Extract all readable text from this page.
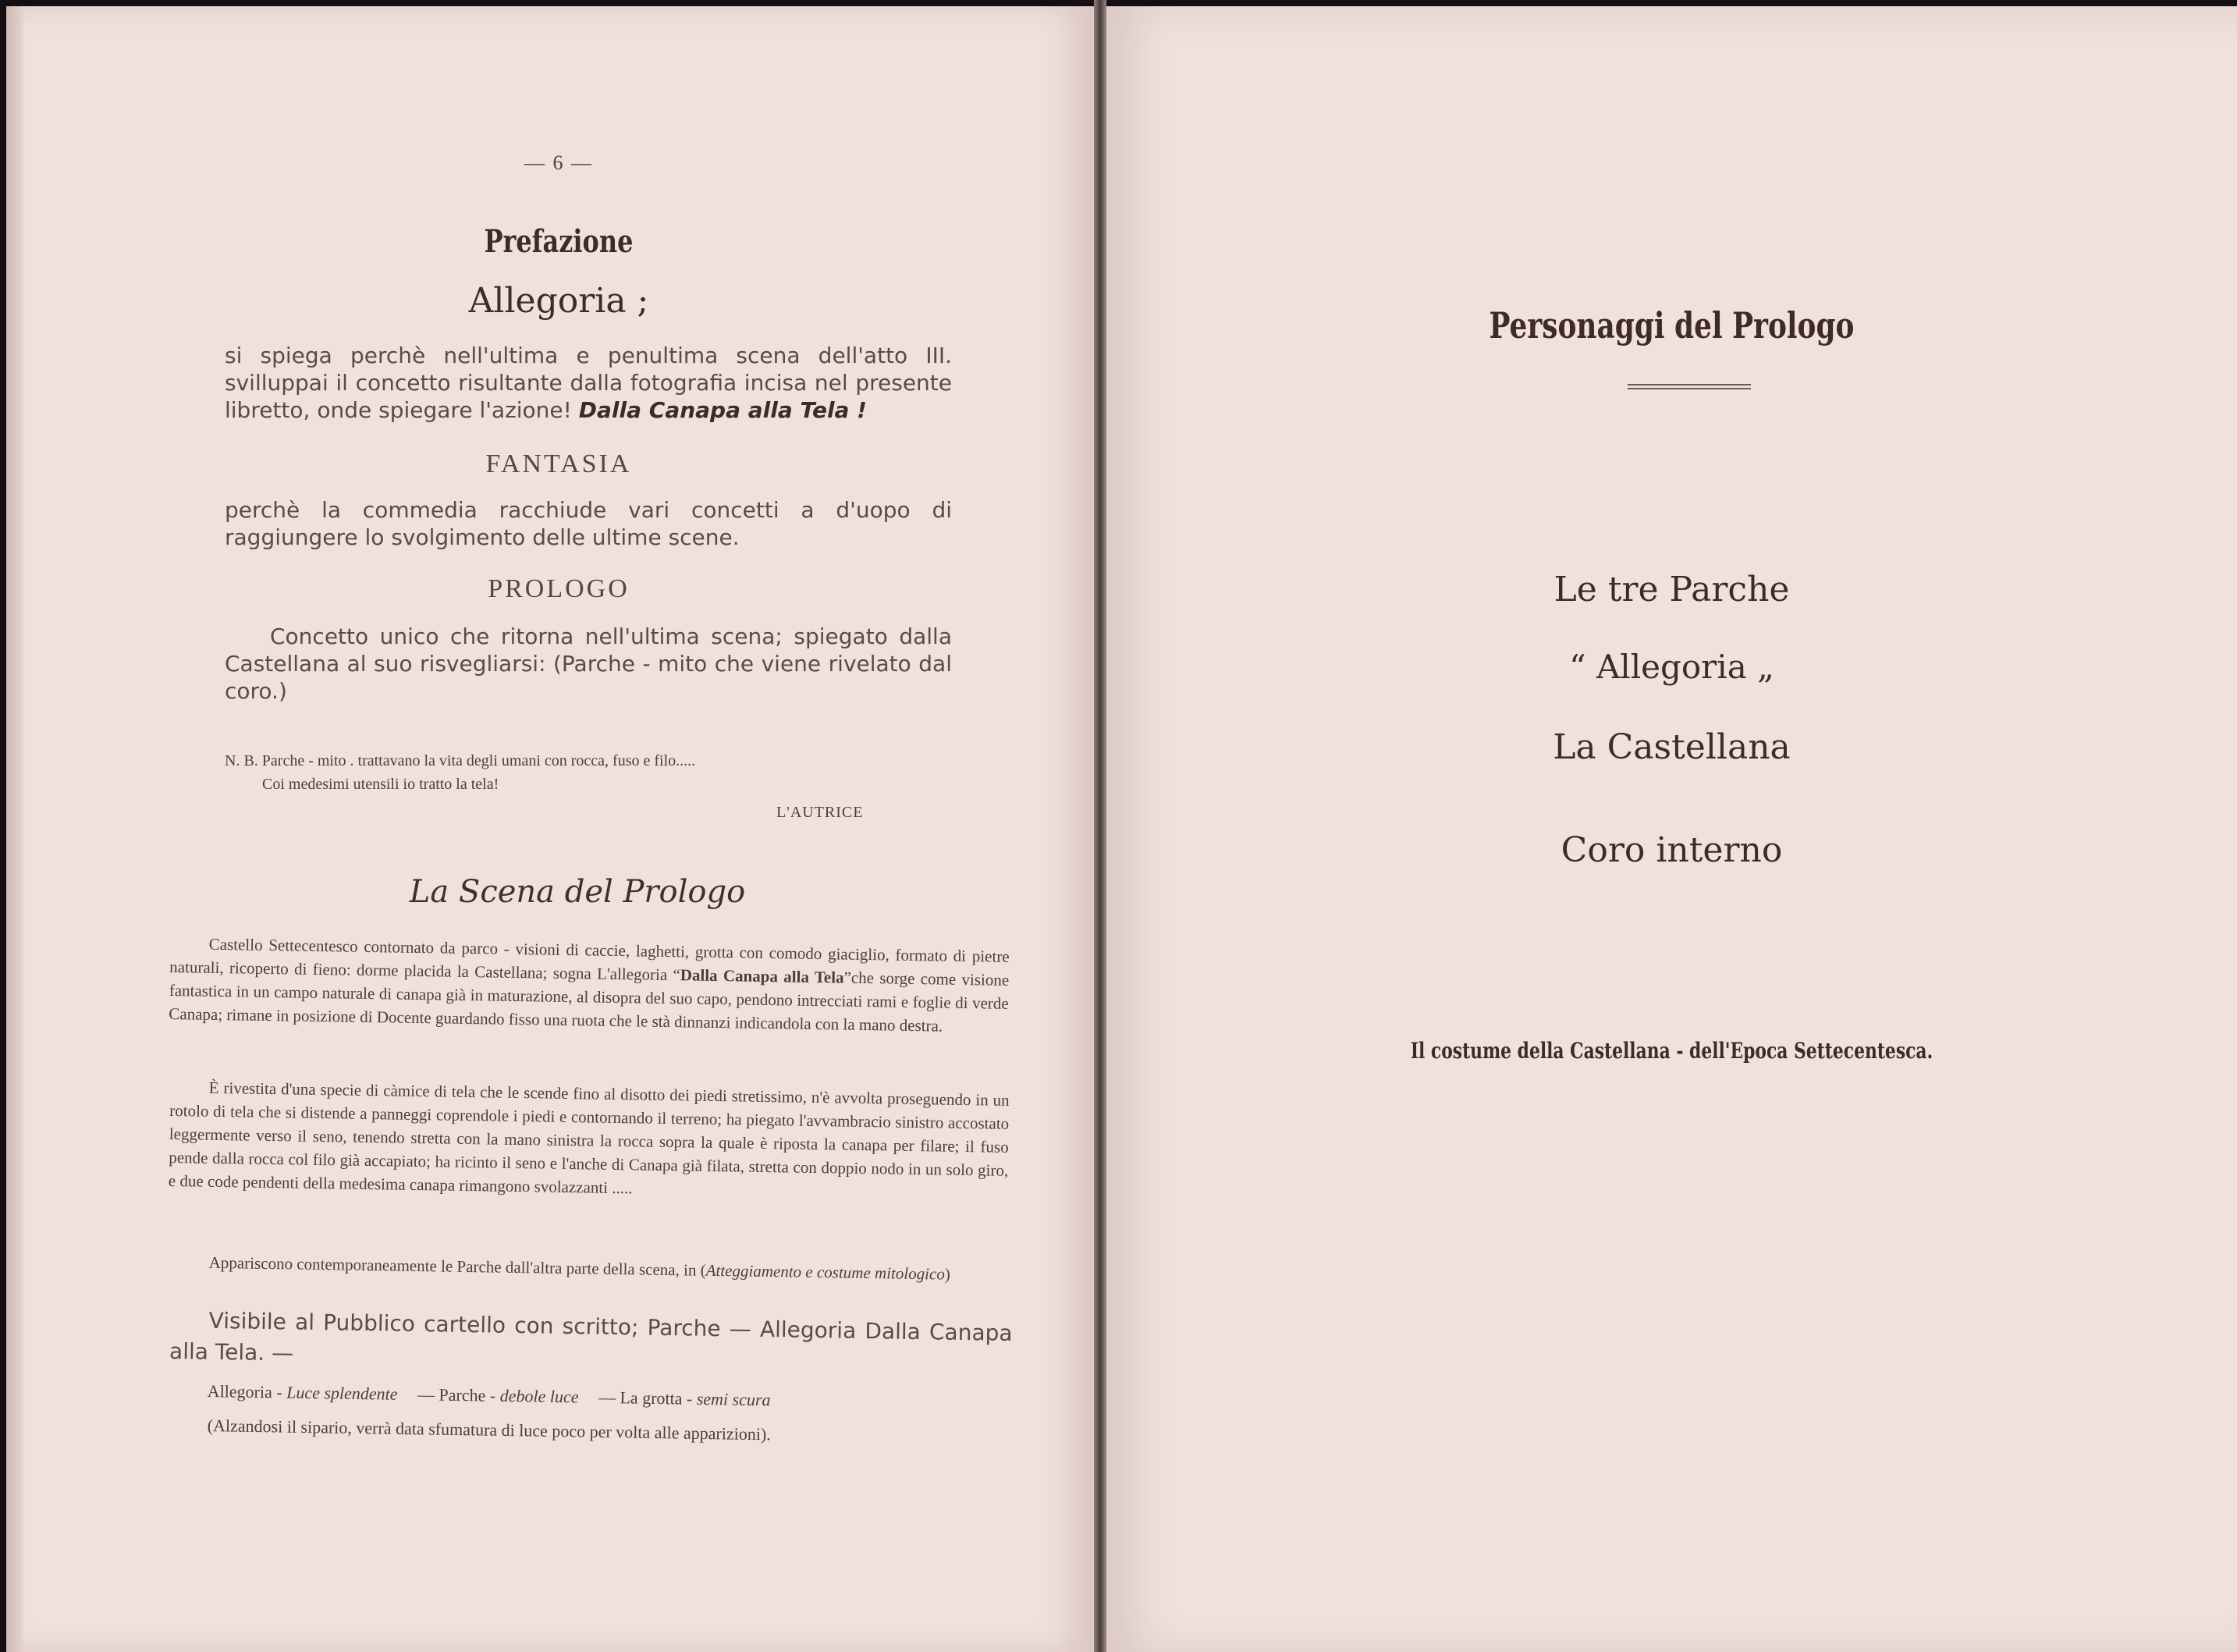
— 6 —
Prefazione
Allegoria ;
si spiega perchè nell'ultima e penultima scena dell'atto III. svilluppai il concetto risultante dalla fotografia incisa nel presente libretto, onde spiegare l'azione! Dalla Canapa alla Tela !
FANTASIA
perchè la commedia racchiude vari concetti a d'uopo di raggiungere lo svolgimento delle ultime scene.
PROLOGO
Concetto unico che ritorna nell'ultima scena; spiegato dalla Castellana al suo risvegliarsi: (Parche - mito che viene rivelato dal coro.)
N. B. Parche - mito . trattavano la vita degli umani con rocca, fuso e filo.....
Coi medesimi utensili io tratto la tela!
L'AUTRICE
La Scena del Prologo
Castello Settecentesco contornato da parco - visioni di caccie, laghetti, grotta con comodo giaciglio, formato di pietre naturali, ricoperto di fieno: dorme placida la Castellana; sogna L'allegoria “Dalla Canapa alla Tela”che sorge come visione fantastica in un campo naturale di canapa già in maturazione, al disopra del suo capo, pendono intrecciati rami e foglie di verde Canapa; rimane in posizione di Docente guardando fisso una ruota che le stà dinnanzi indicandola con la mano destra.
È rivestita d'una specie di càmice di tela che le scende fino al disotto dei piedi stretissimo, n'è avvolta proseguendo in un rotolo di tela che si distende a panneggi coprendole i piedi e contornando il terreno; ha piegato l'avvambracio sinistro accostato leggermente verso il seno, tenendo stretta con la mano sinistra la rocca sopra la quale è riposta la canapa per filare; il fuso pende dalla rocca col filo già accapiato; ha ricinto il seno e l'anche di Canapa già filata, stretta con doppio nodo in un solo giro, e due code pendenti della medesima canapa rimangono svolazzanti .....
Appariscono contemporaneamente le Parche dall'altra parte della scena, in (Atteggiamento e costume mitologico)
Visibile al Pubblico cartello con scritto; Parche — Allegoria Dalla Canapa alla Tela. —
Allegoria - Luce splendente — Parche - debole luce — La grotta - semi scura
(Alzandosi il sipario, verrà data sfumatura di luce poco per volta alle apparizioni).
Personaggi del Prologo
Le tre Parche
“ Allegoria „
La Castellana
Coro interno
Il costume della Castellana - dell'Epoca Settecentesca.
